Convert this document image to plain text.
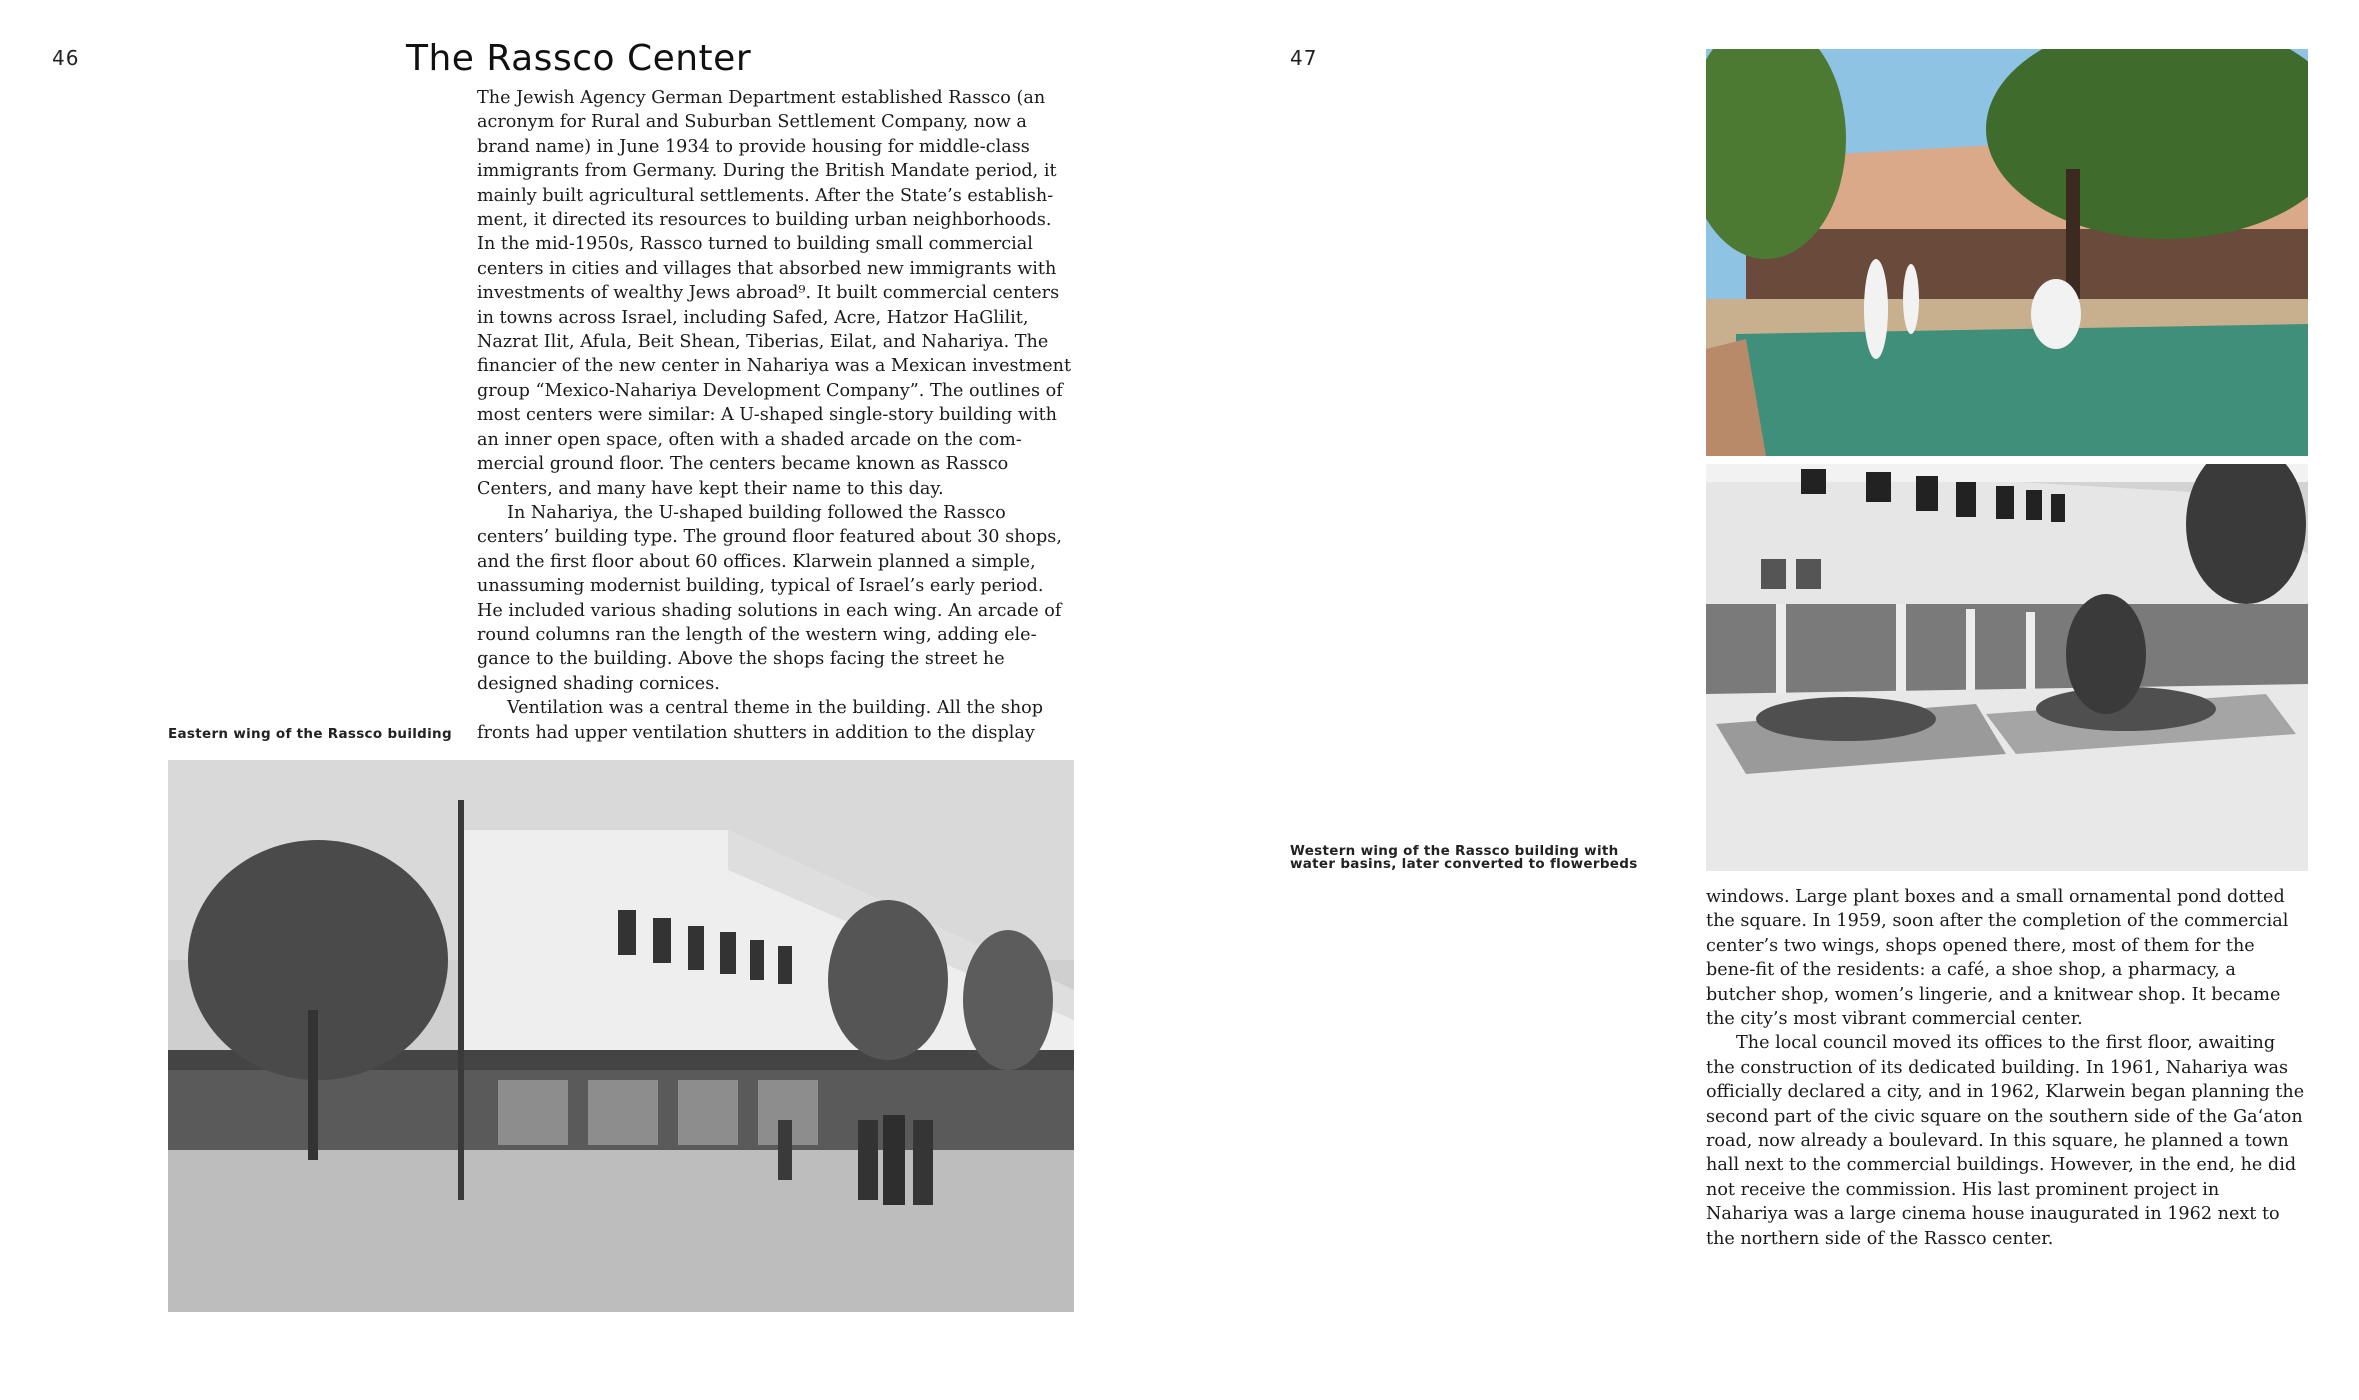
46	The Rassco Center

The Jewish Agency German Department established Rassco (an acronym for Rural and Suburban Settlement Company, now a brand name) in June 1934 to provide housing for middle-class immigrants from Germany. During the British Mandate period, it mainly built agricultural settlements. After the State’s establish-ment, it directed its resources to building urban neighborhoods. In the mid-1950s, Rassco turned to building small commercial centers in cities and villages that absorbed new immigrants with investments of wealthy Jews abroad⁹. It built commercial centers in towns across Israel, including Safed, Acre, Hatzor HaGlilit, Nazrat Ilit, Afula, Beit Shean, Tiberias, Eilat, and Nahariya. The financier of the new center in Nahariya was a Mexican investment group “Mexico-Nahariya Development Company”. The outlines of most centers were similar: A U-shaped single-story building with an inner open space, often with a shaded arcade on the com-mercial ground floor. The centers became known as Rassco Centers, and many have kept their name to this day.

In Nahariya, the U-shaped building followed the Rassco centers’ building type. The ground floor featured about 30 shops, and the first floor about 60 offices. Klarwein planned a simple, unassuming modernist building, typical of Israel’s early period. He included various shading solutions in each wing. An arcade of round columns ran the length of the western wing, adding ele-gance to the building. Above the shops facing the street he designed shading cornices.

Ventilation was a central theme in the building. All the shop fronts had upper ventilation shutters in addition to the display

Eastern wing of the Rassco building
47
Western wing of the Rassco building with water basins, later converted to flowerbeds

windows. Large plant boxes and a small ornamental pond dotted the square. In 1959, soon after the completion of the commercial center’s two wings, shops opened there, most of them for the bene-fit of the residents: a café, a shoe shop, a pharmacy, a butcher shop, women’s lingerie, and a knitwear shop. It became the city’s most vibrant commercial center.

The local council moved its offices to the first floor, awaiting the construction of its dedicated building. In 1961, Nahariya was officially declared a city, and in 1962, Klarwein began planning the second part of the civic square on the southern side of the Ga‘aton road, now already a boulevard. In this square, he planned a town hall next to the commercial buildings. However, in the end, he did not receive the commission. His last prominent project in Nahariya was a large cinema house inaugurated in 1962 next to the northern side of the Rassco center.
